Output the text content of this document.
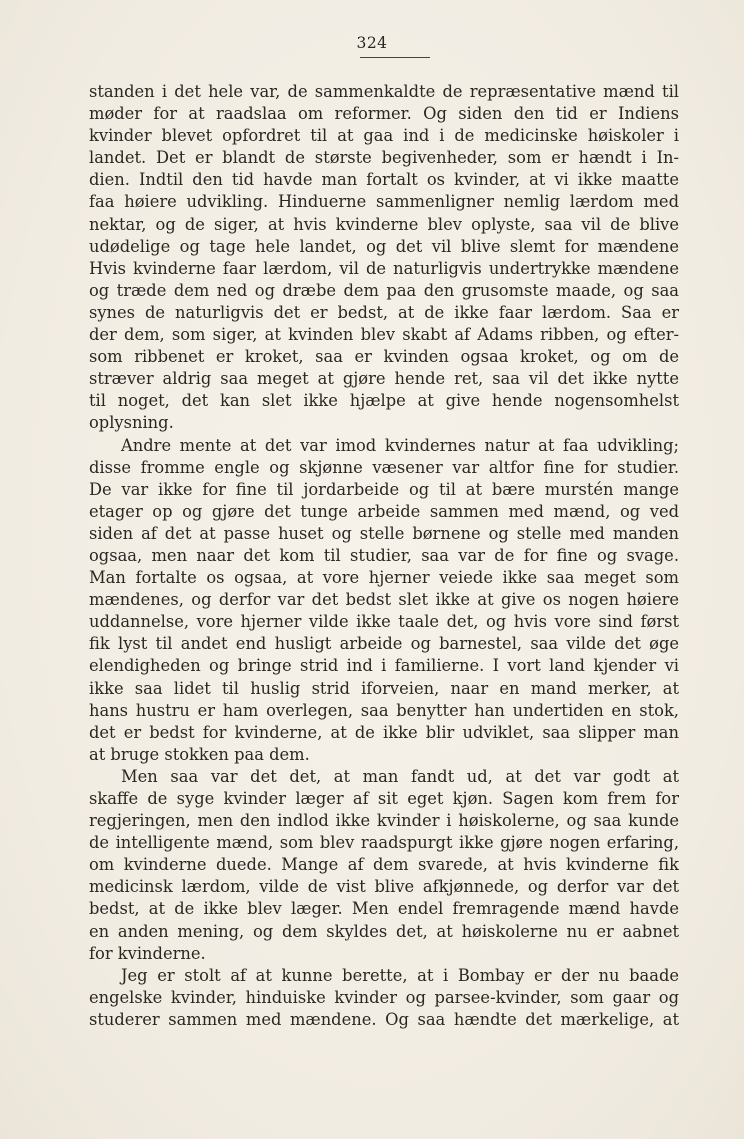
324
standen i det hele var, de sammenkaldte de repræsentative mænd til
møder for at raadslaa om reformer. Og siden den tid er Indiens
kvinder blevet opfordret til at gaa ind i de medicinske høiskoler i
landet. Det er blandt de største begivenheder, som er hændt i In-
dien. Indtil den tid havde man fortalt os kvinder, at vi ikke maatte
faa høiere udvikling. Hinduerne sammenligner nemlig lærdom med
nektar, og de siger, at hvis kvinderne blev oplyste, saa vil de blive
udødelige og tage hele landet, og det vil blive slemt for mændene
Hvis kvinderne faar lærdom, vil de naturligvis undertrykke mændene
og træde dem ned og dræbe dem paa den grusomste maade, og saa
synes de naturligvis det er bedst, at de ikke faar lærdom. Saa er
der dem, som siger, at kvinden blev skabt af Adams ribben, og efter-
som ribbenet er kroket, saa er kvinden ogsaa kroket, og om de
stræver aldrig saa meget at gjøre hende ret, saa vil det ikke nytte
til noget, det kan slet ikke hjælpe at give hende nogensomhelst
oplysning.
Andre mente at det var imod kvindernes natur at faa udvikling;
disse fromme engle og skjønne væsener var altfor fine for studier.
De var ikke for fine til jordarbeide og til at bære murstén mange
etager op og gjøre det tunge arbeide sammen med mænd, og ved
siden af det at passe huset og stelle børnene og stelle med manden
ogsaa, men naar det kom til studier, saa var de for fine og svage.
Man fortalte os ogsaa, at vore hjerner veiede ikke saa meget som
mændenes, og derfor var det bedst slet ikke at give os nogen høiere
uddannelse, vore hjerner vilde ikke taale det, og hvis vore sind først
fik lyst til andet end husligt arbeide og barnestel, saa vilde det øge
elendigheden og bringe strid ind i familierne. I vort land kjender vi
ikke saa lidet til huslig strid iforveien, naar en mand merker, at
hans hustru er ham overlegen, saa benytter han undertiden en stok,
det er bedst for kvinderne, at de ikke blir udviklet, saa slipper man
at bruge stokken paa dem.
Men saa var det det, at man fandt ud, at det var godt at
skaffe de syge kvinder læger af sit eget kjøn. Sagen kom frem for
regjeringen, men den indlod ikke kvinder i høiskolerne, og saa kunde
de intelligente mænd, som blev raadspurgt ikke gjøre nogen erfaring,
om kvinderne duede. Mange af dem svarede, at hvis kvinderne fik
medicinsk lærdom, vilde de vist blive afkjønnede, og derfor var det
bedst, at de ikke blev læger. Men endel fremragende mænd havde
en anden mening, og dem skyldes det, at høiskolerne nu er aabnet
for kvinderne.
Jeg er stolt af at kunne berette, at i Bombay er der nu baade
engelske kvinder, hinduiske kvinder og parsee-kvinder, som gaar og
studerer sammen med mændene. Og saa hændte det mærkelige, at
